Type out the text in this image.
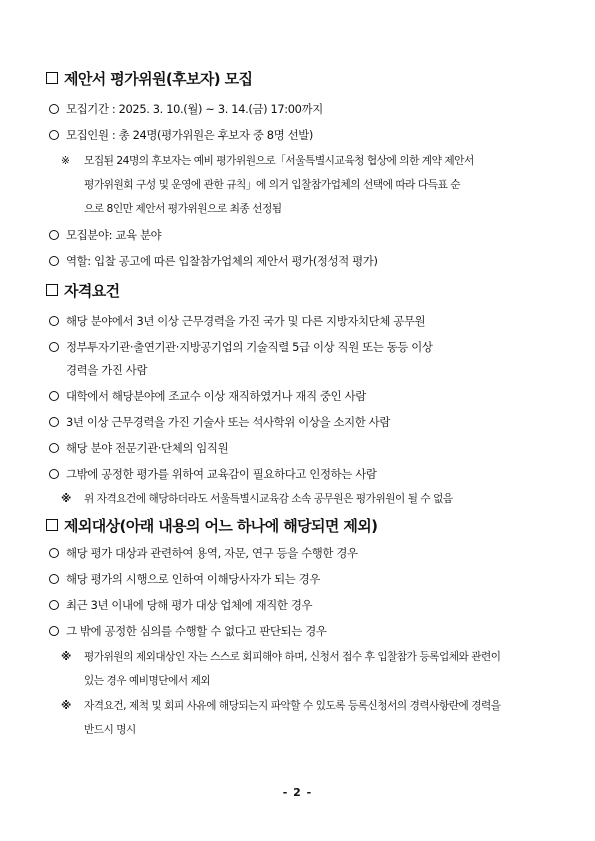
제안서 평가위원(후보자) 모집
모집기간 : 2025. 3. 10.(월) ~ 3. 14.(금) 17:00까지
모집인원 : 총 24명(평가위원은 후보자 중 8명 선발)
※ 모집된 24명의 후보자는 예비 평가위원으로「서울특별시교육청 협상에 의한 계약 제안서
평가위원회 구성 및 운영에 관한 규칙」에 의거 입찰참가업체의 선택에 따라 다득표 순
으로 8인만 제안서 평가위원으로 최종 선정됨
모집분야: 교육 분야
역할: 입찰 공고에 따른 입찰참가업체의 제안서 평가(정성적 평가)
자격요건
해당 분야에서 3년 이상 근무경력을 가진 국가 및 다른 지방자치단체 공무원
정부투자기관·출연기관·지방공기업의 기술직렬 5급 이상 직원 또는 동등 이상
경력을 가진 사람
대학에서 해당분야에 조교수 이상 재직하였거나 재직 중인 사람
3년 이상 근무경력을 가진 기술사 또는 석사학위 이상을 소지한 사람
해당 분야 전문기관·단체의 임직원
그밖에 공정한 평가를 위하여 교육감이 필요하다고 인정하는 사람
※ 위 자격요건에 해당하더라도 서울특별시교육감 소속 공무원은 평가위원이 될 수 없음
제외대상(아래 내용의 어느 하나에 해당되면 제외)
해당 평가 대상과 관련하여 용역, 자문, 연구 등을 수행한 경우
해당 평가의 시행으로 인하여 이해당사자가 되는 경우
최근 3년 이내에 당해 평가 대상 업체에 재직한 경우
그 밖에 공정한 심의를 수행할 수 없다고 판단되는 경우
※ 평가위원의 제외대상인 자는 스스로 회피해야 하며, 신청서 접수 후 입찰참가 등록업체와 관련이
있는 경우 예비명단에서 제외
※ 자격요건, 제척 및 회피 사유에 해당되는지 파악할 수 있도록 등록신청서의 경력사항란에 경력을
반드시 명시
- 2 -
